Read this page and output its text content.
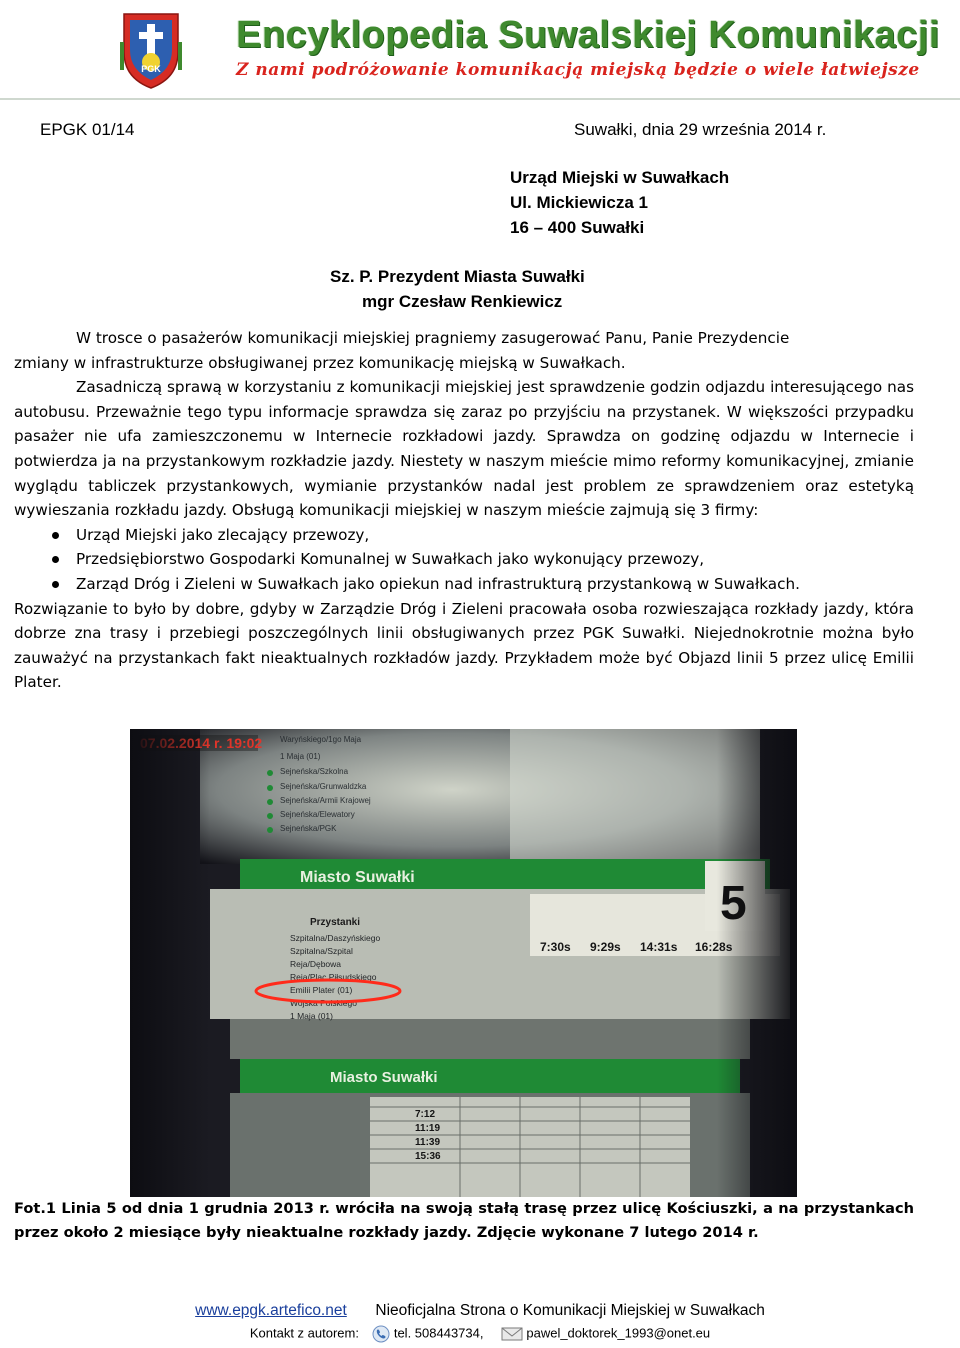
PGK
Encyklopedia Suwalskiej Komunikacji
Z nami podróżowanie komunikacją miejską będzie o wiele łatwiejsze
EPGK 01/14	Suwałki, dnia 29 września 2014 r.
Urząd Miejski w Suwałkach
Ul. Mickiewicza 1
16 – 400 Suwałki
Sz. P. Prezydent Miasta Suwałki
mgr Czesław Renkiewicz
W trosce o pasażerów komunikacji miejskiej pragniemy zasugerować Panu, Panie Prezydencie
zmiany w infrastrukturze obsługiwanej przez komunikację miejską w Suwałkach.

Zasadniczą sprawą w korzystaniu z komunikacji miejskiej jest sprawdzenie godzin odjazdu interesującego nas autobusu. Przeważnie tego typu informacje sprawdza się zaraz po przyjściu na przystanek. W większości przypadku pasażer nie ufa zamieszczonemu w Internecie rozkładowi jazdy. Sprawdza on godzinę odjazdu w Internecie i potwierdza ja na przystankowym rozkładzie jazdy. Niestety w naszym mieście mimo reformy komunikacyjnej, zmianie wyglądu tabliczek przystankowych, wymianie przystanków nadal jest problem ze sprawdzeniem oraz estetyką wywieszania rozkładu jazdy. Obsługą komunikacji miejskiej w naszym mieście zajmują się 3 firmy:

Urząd Miejski jako zlecający przewozy,
Przedsiębiorstwo Gospodarki Komunalnej w Suwałkach jako wykonujący przewozy,
Zarząd Dróg i Zieleni w Suwałkach jako opiekun nad infrastrukturą przystankową w Suwałkach.

Rozwiązanie to było by dobre, gdyby w Zarządzie Dróg i Zieleni pracowała osoba rozwieszająca rozkłady jazdy, która dobrze zna trasy i przebiegi poszczególnych linii obsługiwanych przez PGK Suwałki. Niejednokrotnie można było zauważyć na przystankach fakt nieaktualnych rozkładów jazdy. Przykładem może być Objazd linii 5 przez ulicę Emilii Plater.

Fot.1 Linia 5 od dnia 1 grudnia 2013 r. wróciła na swoją stałą trasę przez ulicę Kościuszki, a na przystankach przez około 2 miesiące były nieaktualne rozkłady jazdy. Zdjęcie wykonane 7 lutego 2014 r.
www.epgk.artefico.net Nieoficjalna Strona o Komunikacji Miejskiej w Suwałkach
Kontakt z autorem:	tel. 508443734,	pawel_doktorek_1993@onet.eu
